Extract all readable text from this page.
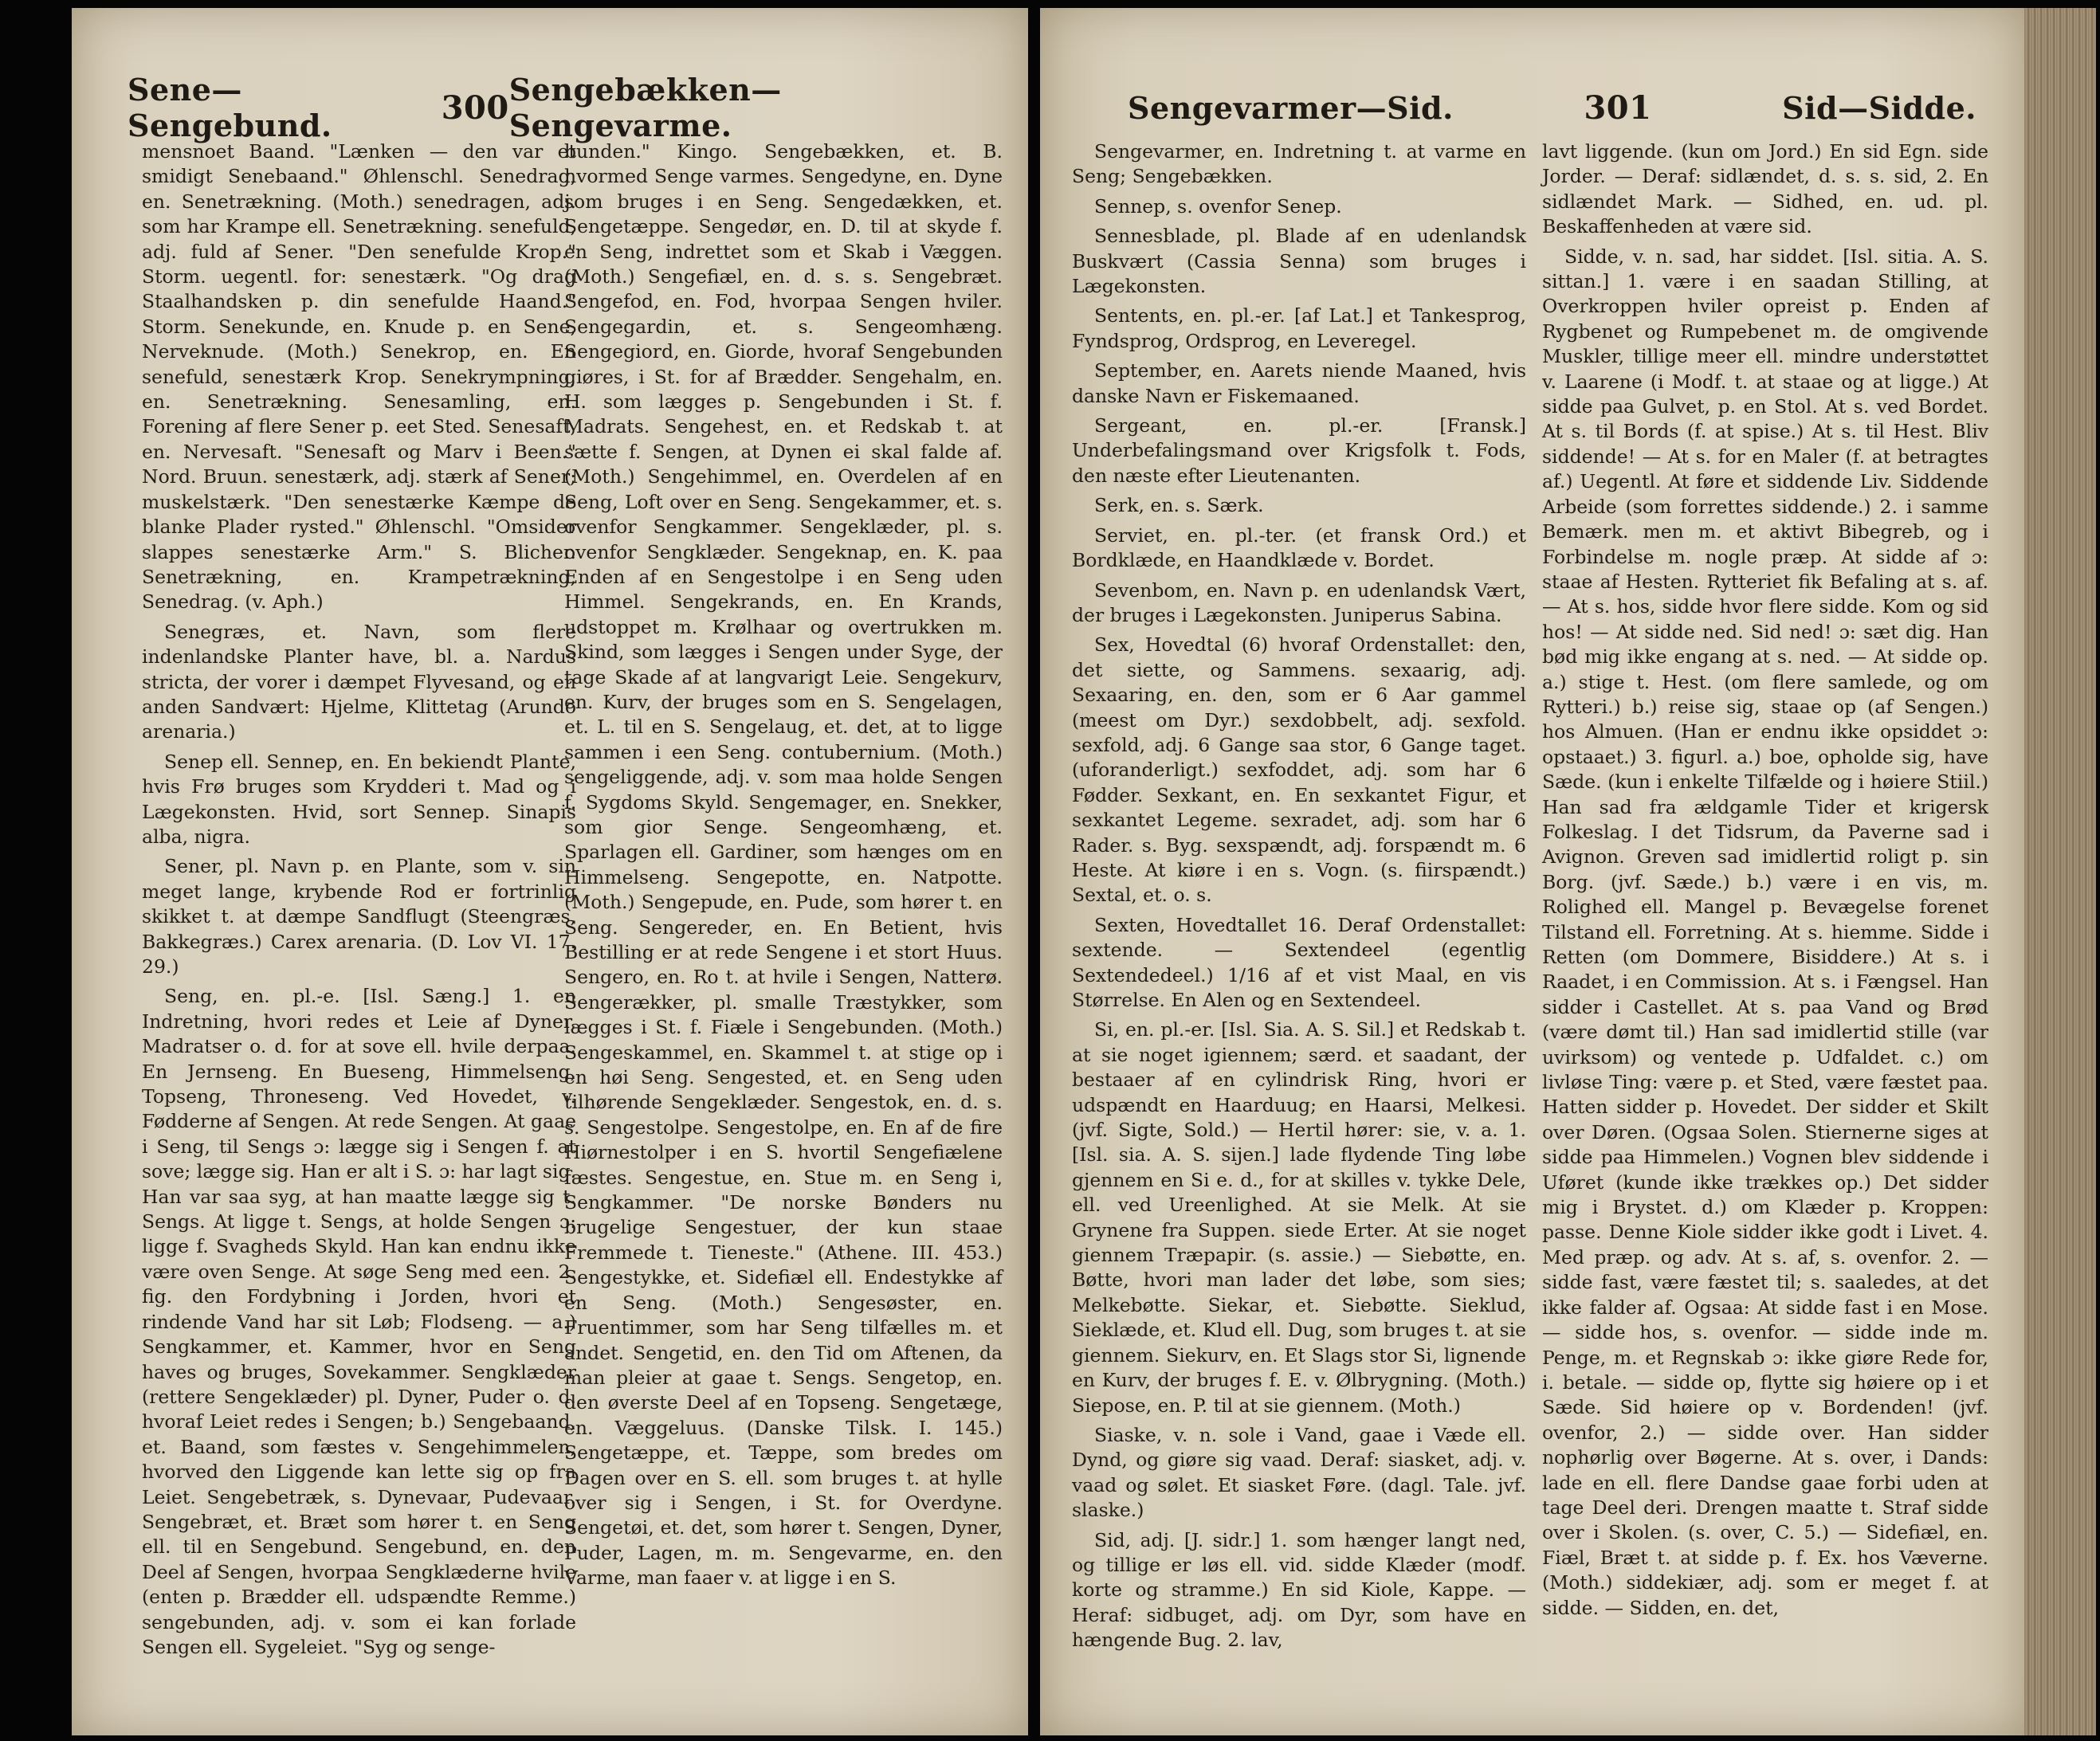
Sene—Sengebund.	300 Sengebækken—Sengevarme.

mensnoet Baand. "Lænken — den var et smidigt Senebaand." Øhlenschl. Senedrag, en. Senetrækning. (Moth.) senedragen, adj. som har Krampe ell. Senetrækning. senefuld, adj. fuld af Sener. "Den senefulde Krop." Storm. uegentl. for: senestærk. "Og drag Staalhandsken p. din senefulde Haand." Storm. Senekunde, en. Knude p. en Sene, Nerveknude. (Moth.) Senekrop, en. En senefuld, senestærk Krop. Senekrympning, en. Senetrækning. Senesamling, en. Forening af flere Sener p. eet Sted. Senesaft, en. Nervesaft. "Senesaft og Marv i Been." Nord. Bruun. senestærk, adj. stærk af Sener; muskelstærk. "Den senestærke Kæmpe de blanke Plader rysted." Øhlenschl. "Omsider slappes senestærke Arm." S. Blicher. Senetrækning, en. Krampetrækning, Senedrag. (v. Aph.)

Senegræs, et. Navn, som flere indenlandske Planter have, bl. a. Nardus stricta, der vorer i dæmpet Flyvesand, og en anden Sandvært: Hjelme, Klittetag (Arundo arenaria.)

Senep ell. Sennep, en. En bekiendt Plante, hvis Frø bruges som Krydderi t. Mad og i Lægekonsten. Hvid, sort Sennep. Sinapis alba, nigra.

Sener, pl. Navn p. en Plante, som v. sin meget lange, krybende Rod er fortrinlig skikket t. at dæmpe Sandflugt (Steengræs, Bakkegræs.) Carex arenaria. (D. Lov VI. 17. 29.)

Seng, en. pl.-e. [Isl. Sæng.] 1. en Indretning, hvori redes et Leie af Dyner, Madratser o. d. for at sove ell. hvile derpaa. En Jernseng. En Bueseng, Himmelseng, Topseng, Throneseng. Ved Hovedet, v. Fødderne af Sengen. At rede Sengen. At gaae i Seng, til Sengs ɔ: lægge sig i Sengen f. at sove; lægge sig. Han er alt i S. ɔ: har lagt sig. Han var saa syg, at han maatte lægge sig t. Sengs. At ligge t. Sengs, at holde Sengen ɔ: ligge f. Svagheds Skyld. Han kan endnu ikke være oven Senge. At søge Seng med een. 2. fig. den Fordybning i Jorden, hvori et rindende Vand har sit Løb; Flodseng. — a.) Sengkammer, et. Kammer, hvor en Seng haves og bruges, Sovekammer. Sengklæder (rettere Sengeklæder) pl. Dyner, Puder o. d. hvoraf Leiet redes i Sengen; b.) Sengebaand, et. Baand, som fæstes v. Sengehimmelen, hvorved den Liggende kan lette sig op fra Leiet. Sengebetræk, s. Dynevaar, Pudevaar. Sengebræt, et. Bræt som hører t. en Seng ell. til en Sengebund. Sengebund, en. den Deel af Sengen, hvorpaa Sengklæderne hvile (enten p. Brædder ell. udspændte Remme.) sengebunden, adj. v. som ei kan forlade Sengen ell. Sygeleiet. "Syg og senge-

bunden." Kingo. Sengebækken, et. B. hvormed Senge varmes. Sengedyne, en. Dyne som bruges i en Seng. Sengedækken, et. Sengetæppe. Sengedør, en. D. til at skyde f. en Seng, indrettet som et Skab i Væggen. (Moth.) Sengefiæl, en. d. s. s. Sengebræt. Sengefod, en. Fod, hvorpaa Sengen hviler. Sengegardin, et. s. Sengeomhæng. Sengegiord, en. Giorde, hvoraf Sengebunden giøres, i St. for af Brædder. Sengehalm, en. H. som lægges p. Sengebunden i St. f. Madrats. Sengehest, en. et Redskab t. at sætte f. Sengen, at Dynen ei skal falde af. (Moth.) Sengehimmel, en. Overdelen af en Seng, Loft over en Seng. Sengekammer, et. s. ovenfor Sengkammer. Sengeklæder, pl. s. ovenfor Sengklæder. Sengeknap, en. K. paa Enden af en Sengestolpe i en Seng uden Himmel. Sengekrands, en. En Krands, udstoppet m. Krølhaar og overtrukken m. Skind, som lægges i Sengen under Syge, der tage Skade af at langvarigt Leie. Sengekurv, en. Kurv, der bruges som en S. Sengelagen, et. L. til en S. Sengelaug, et. det, at to ligge sammen i een Seng. contubernium. (Moth.) sengeliggende, adj. v. som maa holde Sengen f. Sygdoms Skyld. Sengemager, en. Snekker, som gior Senge. Sengeomhæng, et. Sparlagen ell. Gardiner, som hænges om en Himmelseng. Sengepotte, en. Natpotte. (Moth.) Sengepude, en. Pude, som hører t. en Seng. Sengereder, en. En Betient, hvis Bestilling er at rede Sengene i et stort Huus. Sengero, en. Ro t. at hvile i Sengen, Natterø. Sengerækker, pl. smalle Træstykker, som lægges i St. f. Fiæle i Sengebunden. (Moth.) Sengeskammel, en. Skammel t. at stige op i en høi Seng. Sengested, et. en Seng uden tilhørende Sengeklæder. Sengestok, en. d. s. s. Sengestolpe. Sengestolpe, en. En af de fire Hiørnestolper i en S. hvortil Sengefiælene fæstes. Sengestue, en. Stue m. en Seng i, Sengkammer. "De norske Bønders nu brugelige Sengestuer, der kun staae Fremmede t. Tieneste." (Athene. III. 453.) Sengestykke, et. Sidefiæl ell. Endestykke af en Seng. (Moth.) Sengesøster, en. Fruentimmer, som har Seng tilfælles m. et andet. Sengetid, en. den Tid om Aftenen, da man pleier at gaae t. Sengs. Sengetop, en. den øverste Deel af en Topseng. Sengetæge, en. Væggeluus. (Danske Tilsk. I. 145.) Sengetæppe, et. Tæppe, som bredes om Dagen over en S. ell. som bruges t. at hylle over sig i Sengen, i St. for Overdyne. Sengetøi, et. det, som hører t. Sengen, Dyner, Puder, Lagen, m. m. Sengevarme, en. den Varme, man faaer v. at ligge i en S.

Sengevarmer—Sid.	301	Sid—Sidde.

Sengevarmer, en. Indretning t. at varme en Seng; Sengebækken.

Sennep, s. ovenfor Senep.

Sennesblade, pl. Blade af en udenlandsk Buskvært (Cassia Senna) som bruges i Lægekonsten.

Sentents, en. pl.-er. [af Lat.] et Tankesprog, Fyndsprog, Ordsprog, en Leveregel.

September, en. Aarets niende Maaned, hvis danske Navn er Fiskemaaned.

Sergeant, en. pl.-er. [Fransk.] Underbefalingsmand over Krigsfolk t. Fods, den næste efter Lieutenanten.

Serk, en. s. Særk.

Serviet, en. pl.-ter. (et fransk Ord.) et Bordklæde, en Haandklæde v. Bordet.

Sevenbom, en. Navn p. en udenlandsk Vært, der bruges i Lægekonsten. Juniperus Sabina.

Sex, Hovedtal (6) hvoraf Ordenstallet: den, det siette, og Sammens. sexaarig, adj. Sexaaring, en. den, som er 6 Aar gammel (meest om Dyr.) sexdobbelt, adj. sexfold. sexfold, adj. 6 Gange saa stor, 6 Gange taget. (uforanderligt.) sexfoddet, adj. som har 6 Fødder. Sexkant, en. En sexkantet Figur, et sexkantet Legeme. sexradet, adj. som har 6 Rader. s. Byg. sexspændt, adj. forspændt m. 6 Heste. At kiøre i en s. Vogn. (s. fiirspændt.) Sextal, et. o. s.

Sexten, Hovedtallet 16. Deraf Ordenstallet: sextende. — Sextendeel (egentlig Sextendedeel.) 1/16 af et vist Maal, en vis Størrelse. En Alen og en Sextendeel.

Si, en. pl.-er. [Isl. Sia. A. S. Sil.] et Redskab t. at sie noget igiennem; særd. et saadant, der bestaaer af en cylindrisk Ring, hvori er udspændt en Haarduug; en Haarsi, Melkesi. (jvf. Sigte, Sold.) — Hertil hører: sie, v. a. 1. [Isl. sia. A. S. sijen.] lade flydende Ting løbe gjennem en Si e. d., for at skilles v. tykke Dele, ell. ved Ureenlighed. At sie Melk. At sie Grynene fra Suppen. siede Erter. At sie noget giennem Træpapir. (s. assie.) — Siebøtte, en. Bøtte, hvori man lader det løbe, som sies; Melkebøtte. Siekar, et. Siebøtte. Sieklud, Sieklæde, et. Klud ell. Dug, som bruges t. at sie giennem. Siekurv, en. Et Slags stor Si, lignende en Kurv, der bruges f. E. v. Ølbrygning. (Moth.) Siepose, en. P. til at sie giennem. (Moth.)

Siaske, v. n. sole i Vand, gaae i Væde ell. Dynd, og giøre sig vaad. Deraf: siasket, adj. v. vaad og sølet. Et siasket Føre. (dagl. Tale. jvf. slaske.)

Sid, adj. [J. sidr.] 1. som hænger langt ned, og tillige er løs ell. vid. sidde Klæder (modf. korte og stramme.) En sid Kiole, Kappe. — Heraf: sidbuget, adj. om Dyr, som have en hængende Bug. 2. lav,

lavt liggende. (kun om Jord.) En sid Egn. side Jorder. — Deraf: sidlændet, d. s. s. sid, 2. En sidlændet Mark. — Sidhed, en. ud. pl. Beskaffenheden at være sid.

Sidde, v. n. sad, har siddet. [Isl. sitia. A. S. sittan.] 1. være i en saadan Stilling, at Overkroppen hviler opreist p. Enden af Rygbenet og Rumpebenet m. de omgivende Muskler, tillige meer ell. mindre understøttet v. Laarene (i Modf. t. at staae og at ligge.) At sidde paa Gulvet, p. en Stol. At s. ved Bordet. At s. til Bords (f. at spise.) At s. til Hest. Bliv siddende! — At s. for en Maler (f. at betragtes af.) Uegentl. At føre et siddende Liv. Siddende Arbeide (som forrettes siddende.) 2. i samme Bemærk. men m. et aktivt Bibegreb, og i Forbindelse m. nogle præp. At sidde af ɔ: staae af Hesten. Rytteriet fik Befaling at s. af. — At s. hos, sidde hvor flere sidde. Kom og sid hos! — At sidde ned. Sid ned! ɔ: sæt dig. Han bød mig ikke engang at s. ned. — At sidde op. a.) stige t. Hest. (om flere samlede, og om Rytteri.) b.) reise sig, staae op (af Sengen.) hos Almuen. (Han er endnu ikke opsiddet ɔ: opstaaet.) 3. figurl. a.) boe, opholde sig, have Sæde. (kun i enkelte Tilfælde og i høiere Stiil.) Han sad fra ældgamle Tider et krigersk Folkeslag. I det Tidsrum, da Paverne sad i Avignon. Greven sad imidlertid roligt p. sin Borg. (jvf. Sæde.) b.) være i en vis, m. Rolighed ell. Mangel p. Bevægelse forenet Tilstand ell. Forretning. At s. hiemme. Sidde i Retten (om Dommere, Bisiddere.) At s. i Raadet, i en Commission. At s. i Fængsel. Han sidder i Castellet. At s. paa Vand og Brød (være dømt til.) Han sad imidlertid stille (var uvirksom) og ventede p. Udfaldet. c.) om livløse Ting: være p. et Sted, være fæstet paa. Hatten sidder p. Hovedet. Der sidder et Skilt over Døren. (Ogsaa Solen. Stiernerne siges at sidde paa Himmelen.) Vognen blev siddende i Uføret (kunde ikke trækkes op.) Det sidder mig i Brystet. d.) om Klæder p. Kroppen: passe. Denne Kiole sidder ikke godt i Livet. 4. Med præp. og adv. At s. af, s. ovenfor. 2. — sidde fast, være fæstet til; s. saaledes, at det ikke falder af. Ogsaa: At sidde fast i en Mose. — sidde hos, s. ovenfor. — sidde inde m. Penge, m. et Regnskab ɔ: ikke giøre Rede for, i. betale. — sidde op, flytte sig høiere op i et Sæde. Sid høiere op v. Bordenden! (jvf. ovenfor, 2.) — sidde over. Han sidder nophørlig over Bøgerne. At s. over, i Dands: lade en ell. flere Dandse gaae forbi uden at tage Deel deri. Drengen maatte t. Straf sidde over i Skolen. (s. over, C. 5.) — Sidefiæl, en. Fiæl, Bræt t. at sidde p. f. Ex. hos Væverne. (Moth.) siddekiær, adj. som er meget f. at sidde. — Sidden, en. det,
